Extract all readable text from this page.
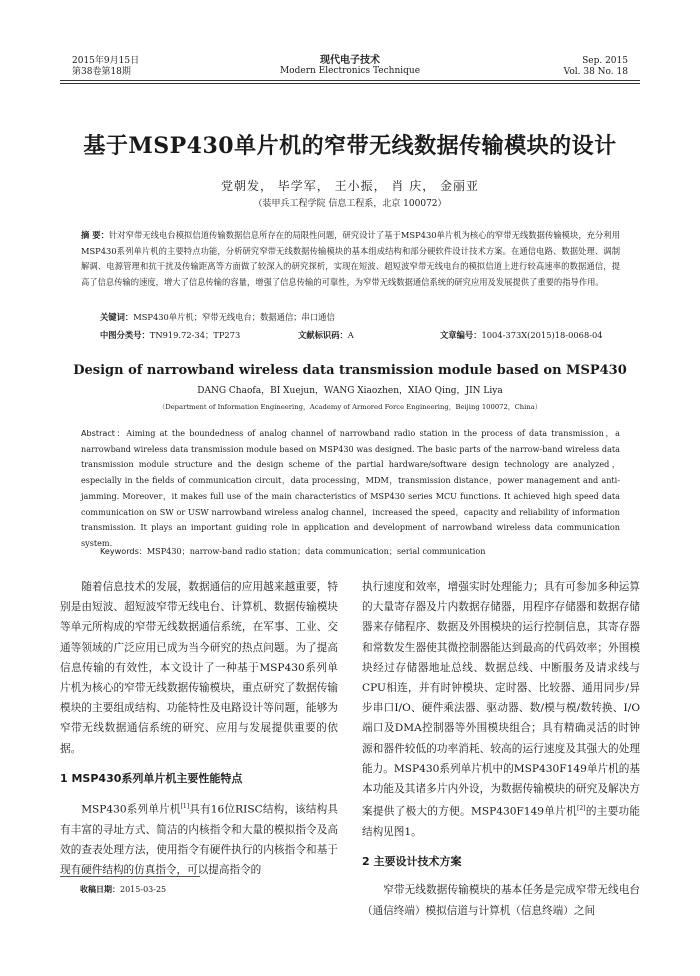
2015年9月15日
第38卷第18期
现代电子技术
Modern Electronics Technique
Sep. 2015
Vol. 38 No. 18
基于MSP430单片机的窄带无线数据传输模块的设计
党朝发， 毕学军， 王小振， 肖 庆， 金丽亚
（装甲兵工程学院 信息工程系，北京 100072）
摘 要：针对窄带无线电台模拟信道传输数据信息所存在的局限性问题，研究设计了基于MSP430单片机为核心的窄带无线数据传输模块，充分利用MSP430系列单片机的主要特点功能，分析研究窄带无线数据传输模块的基本组成结构和部分硬软件设计技术方案。在通信电路、数据处理、调制解调、电源管理和抗干扰及传输距离等方面做了较深入的研究探析，实现在短波、超短波窄带无线电台的模拟信道上进行较高速率的数据通信，提高了信息传输的速度，增大了信息传输的容量，增强了信息传输的可靠性，为窄带无线数据通信系统的研究应用及发展提供了重要的指导作用。
关键词：MSP430单片机；窄带无线电台；数据通信；串口通信
中图分类号：TN919.72-34；TP273	文献标识码：A	文章编号：1004-373X(2015)18-0068-04
Design of narrowband wireless data transmission module based on MSP430
DANG Chaofa，BI Xuejun，WANG Xiaozhen，XIAO Qing，JIN Liya
（Department of Information Engineering，Academy of Armored Force Engineering，Beijing 100072，China）
Abstract：Aiming at the boundedness of analog channel of narrowband radio station in the process of data transmission，a narrowband wireless data transmission module based on MSP430 was designed. The basic parts of the narrow-band wireless data transmission module structure and the design scheme of the partial hardware/software design technology are analyzed，especially in the fields of communication circuit，data processing，MDM，transmission distance，power management and anti-jamming. Moreover，it makes full use of the main characteristics of MSP430 series MCU functions. It achieved high speed data communication on SW or USW narrowband wireless analog channel，increased the speed，capacity and reliability of information transmission. It plays an important guiding role in application and development of narrowband wireless data communication system.
Keywords：MSP430；narrow-band radio station；data communication；serial communication

随着信息技术的发展，数据通信的应用越来越重要，特别是由短波、超短波窄带无线电台、计算机、数据传输模块等单元所构成的窄带无线数据通信系统，在军事、工业、交通等领域的广泛应用已成为当今研究的热点问题。为了提高信息传输的有效性，本文设计了一种基于MSP430系列单片机为核心的窄带无线数据传输模块，重点研究了数据传输模块的主要组成结构、功能特性及电路设计等问题，能够为窄带无线数据通信系统的研究、应用与发展提供重要的依据。

1 MSP430系列单片机主要性能特点

MSP430系列单片机[1]具有16位RISC结构，该结构具有丰富的寻址方式、简洁的内核指令和大量的模拟指令及高效的查表处理方法，使用指令有硬件执行的内核指令和基于现有硬件结构的仿真指令，可以提高指令的

执行速度和效率，增强实时处理能力；具有可参加多种运算的大量寄存器及片内数据存储器，用程序存储器和数据存储器来存储程序、数据及外围模块的运行控制信息，其寄存器和常数发生器使其微控制器能达到最高的代码效率；外围模块经过存储器地址总线、数据总线、中断服务及请求线与CPU相连，并有时钟模块、定时器、比较器、通用同步/异步串口I/O、硬件乘法器、驱动器、数/模与模/数转换、I/O端口及DMA控制器等外围模块组合；具有精确灵活的时钟源和器件较低的功率消耗、较高的运行速度及其强大的处理能力。MSP430系列单片机中的MSP430F149单片机的基本功能及其诸多片内外设，为数据传输模块的研究及解决方案提供了极大的方便。MSP430F149单片机[2]的主要功能结构见图1。

2 主要设计技术方案

窄带无线数据传输模块的基本任务是完成窄带无线电台（通信终端）模拟信道与计算机（信息终端）之间

收稿日期：2015-03-25
